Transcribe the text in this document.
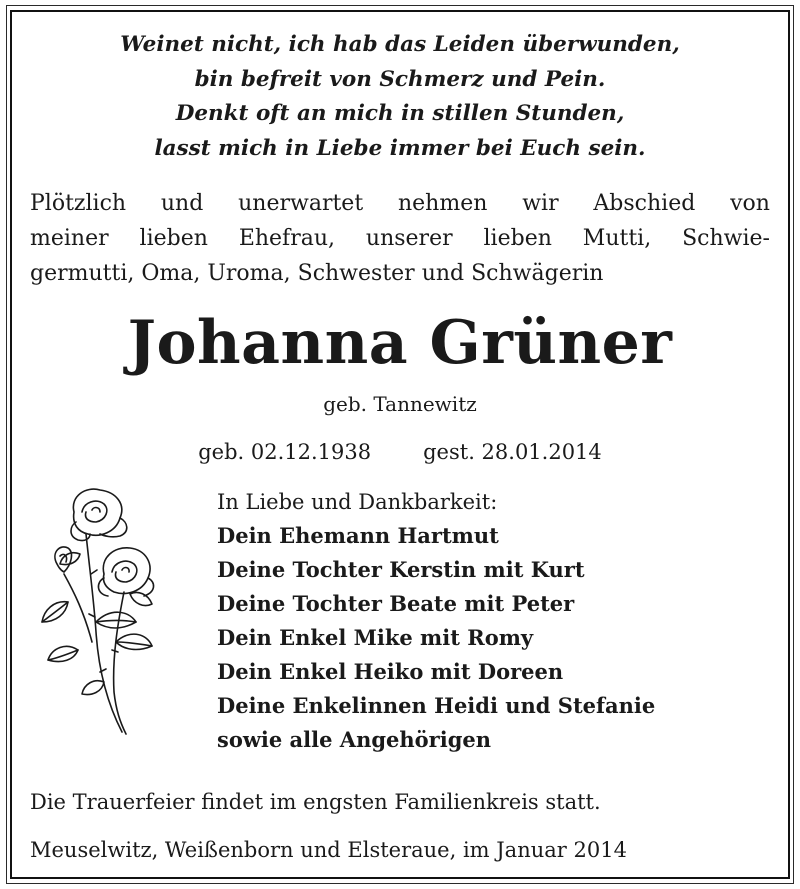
Weinet nicht, ich hab das Leiden überwunden,
bin befreit von Schmerz und Pein.
Denkt oft an mich in stillen Stunden,
lasst mich in Liebe immer bei Euch sein.
Plötzlich und unerwartet nehmen wir Abschied von
meiner lieben Ehefrau, unserer lieben Mutti, Schwie-
germutti, Oma, Uroma, Schwester und Schwägerin
Johanna Grüner
geb. Tannewitz
geb. 02.12.1938 gest. 28.01.2014
In Liebe und Dankbarkeit:
Dein Ehemann Hartmut
Deine Tochter Kerstin mit Kurt
Deine Tochter Beate mit Peter
Dein Enkel Mike mit Romy
Dein Enkel Heiko mit Doreen
Deine Enkelinnen Heidi und Stefanie
sowie alle Angehörigen
Die Trauerfeier findet im engsten Familienkreis statt.
Meuselwitz, Weißenborn und Elsteraue, im Januar 2014
